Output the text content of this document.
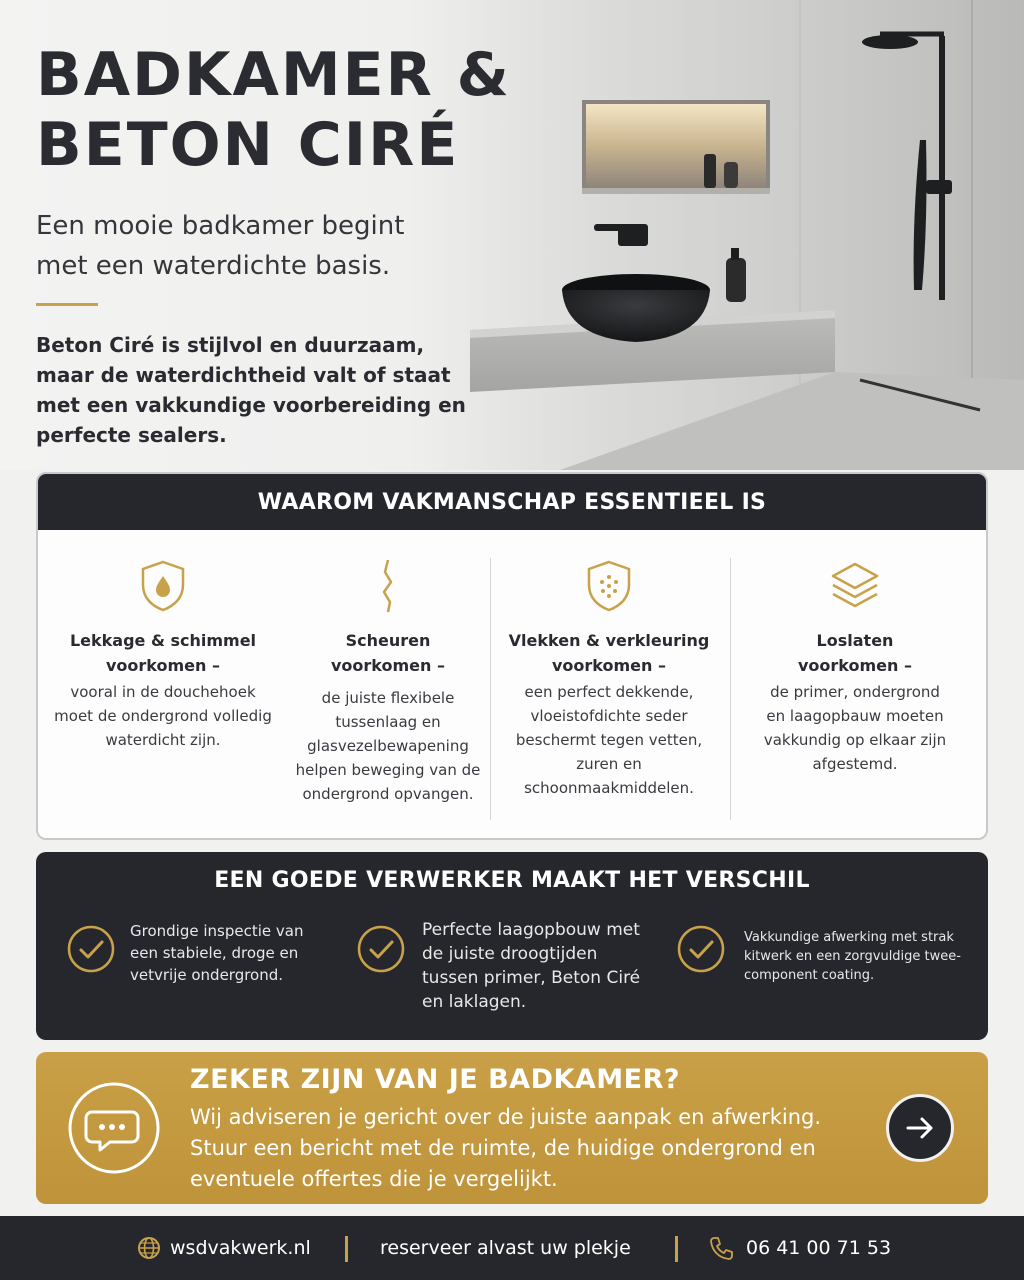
BADKAMER &
BETON CIRÉ

Een mooie badkamer begint
met een waterdichte basis.

Beton Ciré is stijlvol en duurzaam, maar de waterdichtheid valt of staat met een vakkundige voorbereiding en perfecte sealers.

WAAROM VAKMANSCHAP ESSENTIEEL IS
Lekkage & schimmel voorkomen –
vooral in de douchehoek moet de ondergrond volledig waterdicht zijn.
Scheuren voorkomen –
de juiste flexibele tussenlaag en glasvezelbewapening helpen beweging van de ondergrond opvangen.
Vlekken & verkleuring voorkomen –
een perfect dekkende, vloeistofdichte seder beschermt tegen vetten, zuren en schoonmaakmiddelen.
Loslaten voorkomen –
de primer, ondergrond en laagopbauw moeten vakkundig op elkaar zijn afgestemd.
EEN GOEDE VERWERKER MAAKT HET VERSCHIL
Grondige inspectie van een stabiele, droge en vetvrije ondergrond.
Perfecte laagopbouw met de juiste droogtijden tussen primer, Beton Ciré en laklagen.
Vakkundige afwerking met strak kitwerk en een zorgvuldige twee-component coating.
ZEKER ZIJN VAN JE BADKAMER?
Wij adviseren je gericht over de juiste aanpak en afwerking. Stuur een bericht met de ruimte, de huidige ondergrond en eventuele offertes die je vergelijkt.
wsdvakwerk.nl	reserveer alvast uw plekje	06 41 00 71 53
